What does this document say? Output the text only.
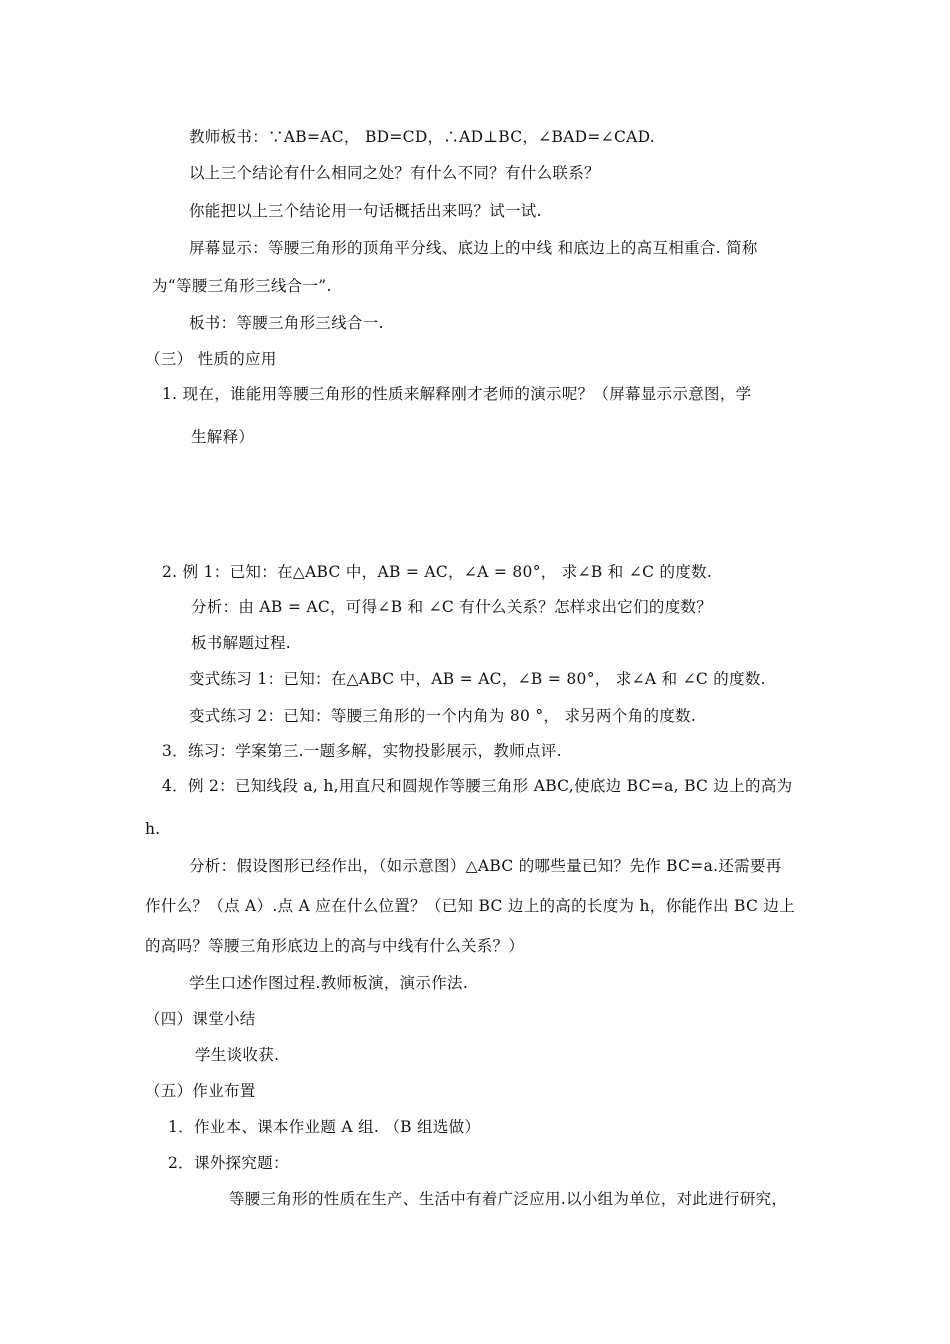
教师板书：∵AB=AC， BD=CD，∴AD⊥BC，∠BAD=∠CAD.
以上三个结论有什么相同之处？有什么不同？有什么联系？
你能把以上三个结论用一句话概括出来吗？试一试.
屏幕显示：等腰三角形的顶角平分线、底边上的中线 和底边上的高互相重合. 简称
为“等腰三角形三线合一”.
板书：等腰三角形三线合一.
（三） 性质的应用
1. 现在，谁能用等腰三角形的性质来解释刚才老师的演示呢？（屏幕显示示意图，学
生解释）
2. 例 1：已知：在△ABC 中，AB = AC，∠A = 80°， 求∠B 和 ∠C 的度数.
分析：由 AB = AC，可得∠B 和 ∠C 有什么关系？怎样求出它们的度数？
板书解题过程.
变式练习 1：已知：在△ABC 中，AB = AC，∠B = 80°， 求∠A 和 ∠C 的度数.
变式练习 2：已知：等腰三角形的一个内角为 80 °， 求另两个角的度数.
3．练习：学案第三.一题多解，实物投影展示，教师点评.
4．例 2：已知线段 a, h,用直尺和圆规作等腰三角形 ABC,使底边 BC=a, BC 边上的高为
h.
分析：假设图形已经作出，（如示意图）△ABC 的哪些量已知？先作 BC=a.还需要再
作什么？（点 A）.点 A 应在什么位置？（已知 BC 边上的高的长度为 h，你能作出 BC 边上
的高吗？等腰三角形底边上的高与中线有什么关系？）
学生口述作图过程.教师板演，演示作法.
（四）课堂小结
学生谈收获.
（五）作业布置
1．作业本、课本作业题 A 组. （B 组选做）
2．课外探究题：
等腰三角形的性质在生产、生活中有着广泛应用.以小组为单位，对此进行研究，
